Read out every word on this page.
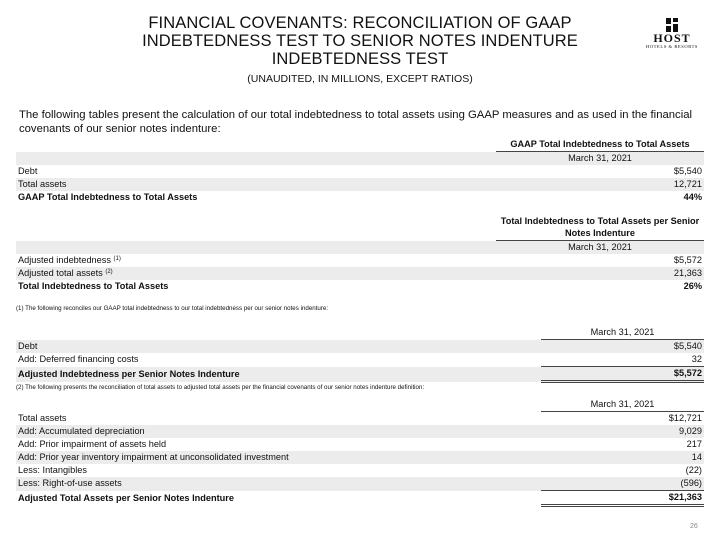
FINANCIAL COVENANTS: RECONCILIATION OF GAAP
INDEBTEDNESS TEST TO SENIOR NOTES INDENTURE
INDEBTEDNESS TEST
(UNAUDITED, IN MILLIONS, EXCEPT RATIOS)
HOST
HOTELS & RESORTS
The following tables present the calculation of our total indebtedness to total assets using GAAP measures and as used in the financial covenants of our senior notes indenture:
	GAAP Total Indebtedness to Total Assets
	March 31, 2021
Debt	$5,540
Total assets	12,721
GAAP Total Indebtedness to Total Assets	44%

	Total Indebtedness to Total Assets per Senior
Notes Indenture

	March 31, 2021
Adjusted indebtedness $^{(1)}$	$5,572
Adjusted total assets $^{(2)}$	21,363
Total Indebtedness to Total Assets	26%
(1) The following reconciles our GAAP total indebtedness to our total indebtedness per our senior notes indenture:
	March 31, 2021
Debt	$5,540
Add: Deferred financing costs	32
Adjusted Indebtedness per Senior Notes Indenture	$5,572
(2) The following presents the reconciliation of total assets to adjusted total assets per the financial covenants of our senior notes indenture definition:
	March 31, 2021
Total assets	$12,721
Add: Accumulated depreciation	9,029
Add: Prior impairment of assets held	217
Add: Prior year inventory impairment at unconsolidated investment	14
Less: Intangibles	(22)
Less: Right-of-use assets	(596)
Adjusted Total Assets per Senior Notes Indenture	$21,363
26
